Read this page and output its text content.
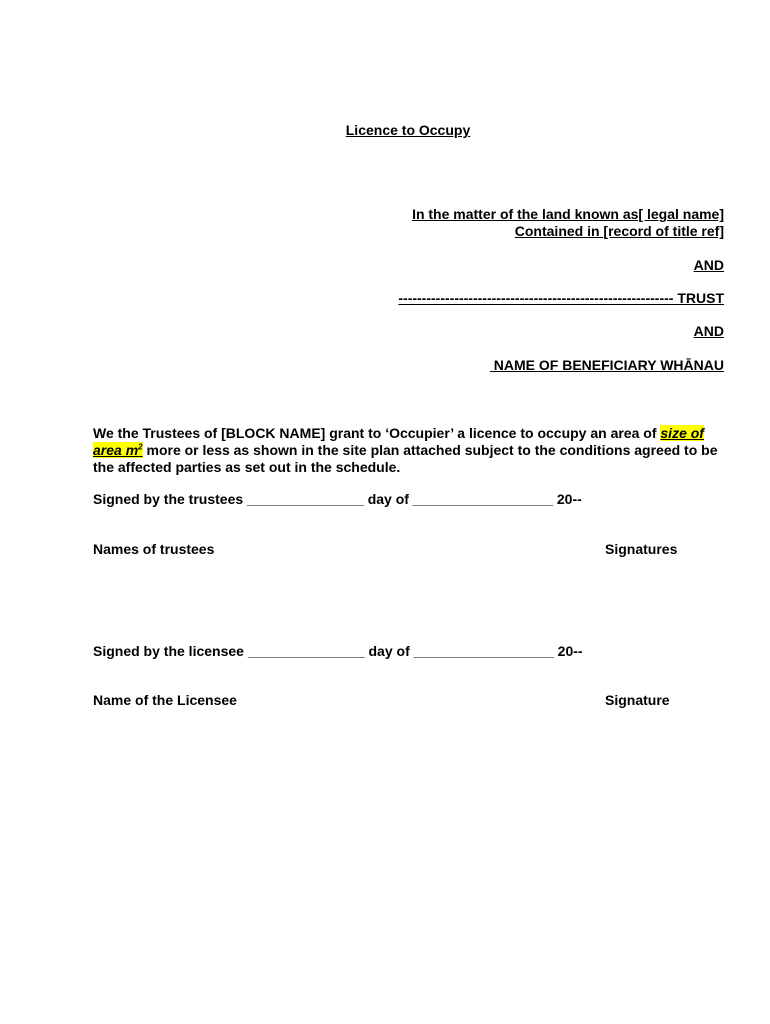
Licence to Occupy
In the matter of the land known as[ legal name]
Contained in [record of title ref]
AND
----------------------------------------------------------- TRUST
AND
NAME OF BENEFICIARY WHĀNAU
We the Trustees of [BLOCK NAME] grant to ‘Occupier’ a licence to occupy an area of size of area $m^2$ more or less as shown in the site plan attached subject to the conditions agreed to be the affected parties as set out in the schedule.
Signed by the trustees _______________ day of __________________ 20--
Names of trustees	Signatures
Signed by the licensee _______________ day of __________________ 20--
Name of the Licensee	Signature
